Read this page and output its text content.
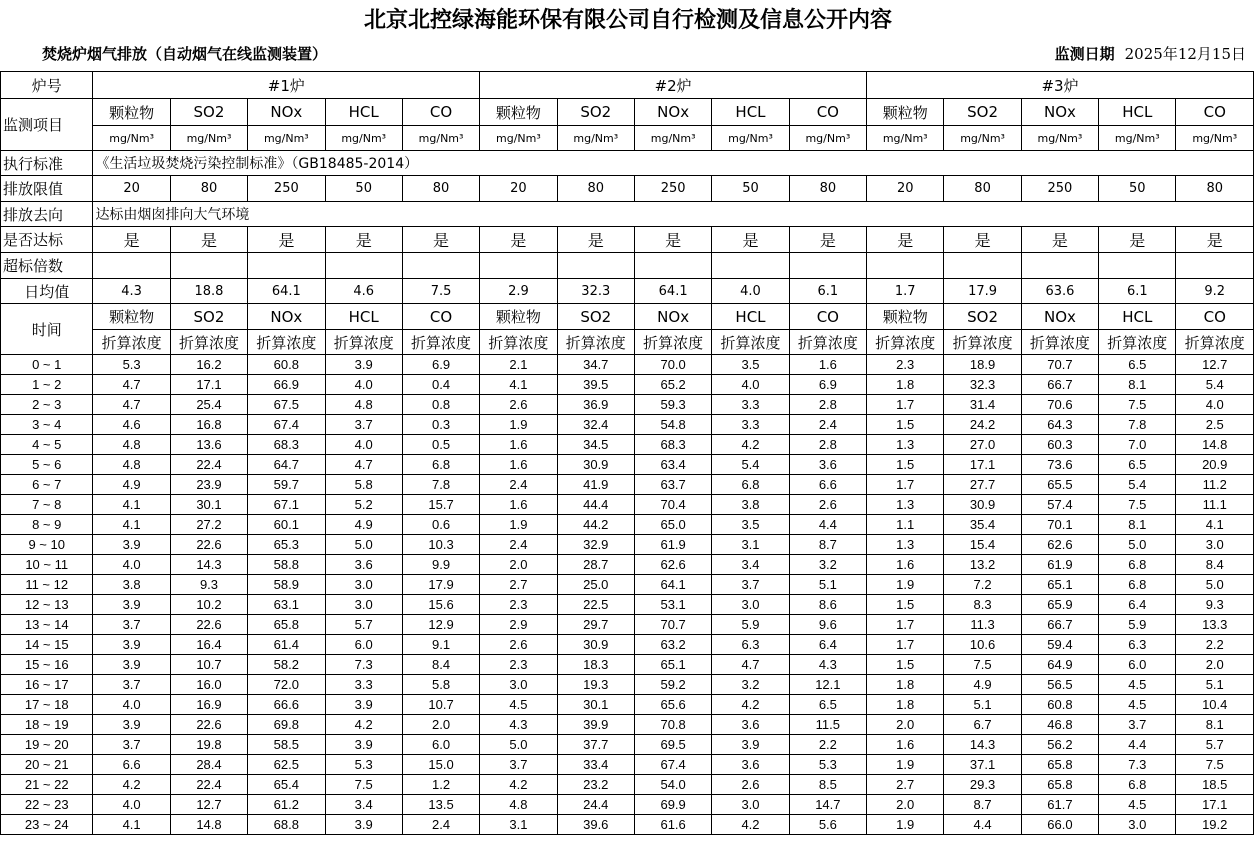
北京北控绿海能环保有限公司自行检测及信息公开内容
焚烧炉烟气排放（自动烟气在线监测装置）	监测日期 2025年12月15日
炉号	#1炉					#2炉					#3炉				
监测项目	颗粒物	SO2	NOx	HCL	CO	颗粒物	SO2	NOx	HCL	CO	颗粒物	SO2	NOx	HCL	CO
	mg/Nm³	mg/Nm³	mg/Nm³	mg/Nm³	mg/Nm³	mg/Nm³	mg/Nm³	mg/Nm³	mg/Nm³	mg/Nm³	mg/Nm³	mg/Nm³	mg/Nm³	mg/Nm³	mg/Nm³
执行标准	《生活垃圾焚烧污染控制标准》（GB18485-2014）														
排放限值	20	80	250	50	80	20	80	250	50	80	20	80	250	50	80
排放去向	达标由烟囱排向大气环境														
是否达标	是	是	是	是	是	是	是	是	是	是	是	是	是	是	是
超标倍数															
日均值	4.3	18.8	64.1	4.6	7.5	2.9	32.3	64.1	4.0	6.1	1.7	17.9	63.6	6.1	9.2
时间	颗粒物	SO2	NOx	HCL	CO	颗粒物	SO2	NOx	HCL	CO	颗粒物	SO2	NOx	HCL	CO
	折算浓度	折算浓度	折算浓度	折算浓度	折算浓度	折算浓度	折算浓度	折算浓度	折算浓度	折算浓度	折算浓度	折算浓度	折算浓度	折算浓度	折算浓度
0 ~ 1	5.3	16.2	60.8	3.9	6.9	2.1	34.7	70.0	3.5	1.6	2.3	18.9	70.7	6.5	12.7
1 ~ 2	4.7	17.1	66.9	4.0	0.4	4.1	39.5	65.2	4.0	6.9	1.8	32.3	66.7	8.1	5.4
2 ~ 3	4.7	25.4	67.5	4.8	0.8	2.6	36.9	59.3	3.3	2.8	1.7	31.4	70.6	7.5	4.0
3 ~ 4	4.6	16.8	67.4	3.7	0.3	1.9	32.4	54.8	3.3	2.4	1.5	24.2	64.3	7.8	2.5
4 ~ 5	4.8	13.6	68.3	4.0	0.5	1.6	34.5	68.3	4.2	2.8	1.3	27.0	60.3	7.0	14.8
5 ~ 6	4.8	22.4	64.7	4.7	6.8	1.6	30.9	63.4	5.4	3.6	1.5	17.1	73.6	6.5	20.9
6 ~ 7	4.9	23.9	59.7	5.8	7.8	2.4	41.9	63.7	6.8	6.6	1.7	27.7	65.5	5.4	11.2
7 ~ 8	4.1	30.1	67.1	5.2	15.7	1.6	44.4	70.4	3.8	2.6	1.3	30.9	57.4	7.5	11.1
8 ~ 9	4.1	27.2	60.1	4.9	0.6	1.9	44.2	65.0	3.5	4.4	1.1	35.4	70.1	8.1	4.1
9 ~ 10	3.9	22.6	65.3	5.0	10.3	2.4	32.9	61.9	3.1	8.7	1.3	15.4	62.6	5.0	3.0
10 ~ 11	4.0	14.3	58.8	3.6	9.9	2.0	28.7	62.6	3.4	3.2	1.6	13.2	61.9	6.8	8.4
11 ~ 12	3.8	9.3	58.9	3.0	17.9	2.7	25.0	64.1	3.7	5.1	1.9	7.2	65.1	6.8	5.0
12 ~ 13	3.9	10.2	63.1	3.0	15.6	2.3	22.5	53.1	3.0	8.6	1.5	8.3	65.9	6.4	9.3
13 ~ 14	3.7	22.6	65.8	5.7	12.9	2.9	29.7	70.7	5.9	9.6	1.7	11.3	66.7	5.9	13.3
14 ~ 15	3.9	16.4	61.4	6.0	9.1	2.6	30.9	63.2	6.3	6.4	1.7	10.6	59.4	6.3	2.2
15 ~ 16	3.9	10.7	58.2	7.3	8.4	2.3	18.3	65.1	4.7	4.3	1.5	7.5	64.9	6.0	2.0
16 ~ 17	3.7	16.0	72.0	3.3	5.8	3.0	19.3	59.2	3.2	12.1	1.8	4.9	56.5	4.5	5.1
17 ~ 18	4.0	16.9	66.6	3.9	10.7	4.5	30.1	65.6	4.2	6.5	1.8	5.1	60.8	4.5	10.4
18 ~ 19	3.9	22.6	69.8	4.2	2.0	4.3	39.9	70.8	3.6	11.5	2.0	6.7	46.8	3.7	8.1
19 ~ 20	3.7	19.8	58.5	3.9	6.0	5.0	37.7	69.5	3.9	2.2	1.6	14.3	56.2	4.4	5.7
20 ~ 21	6.6	28.4	62.5	5.3	15.0	3.7	33.4	67.4	3.6	5.3	1.9	37.1	65.8	7.3	7.5
21 ~ 22	4.2	22.4	65.4	7.5	1.2	4.2	23.2	54.0	2.6	8.5	2.7	29.3	65.8	6.8	18.5
22 ~ 23	4.0	12.7	61.2	3.4	13.5	4.8	24.4	69.9	3.0	14.7	2.0	8.7	61.7	4.5	17.1
23 ~ 24	4.1	14.8	68.8	3.9	2.4	3.1	39.6	61.6	4.2	5.6	1.9	4.4	66.0	3.0	19.2
